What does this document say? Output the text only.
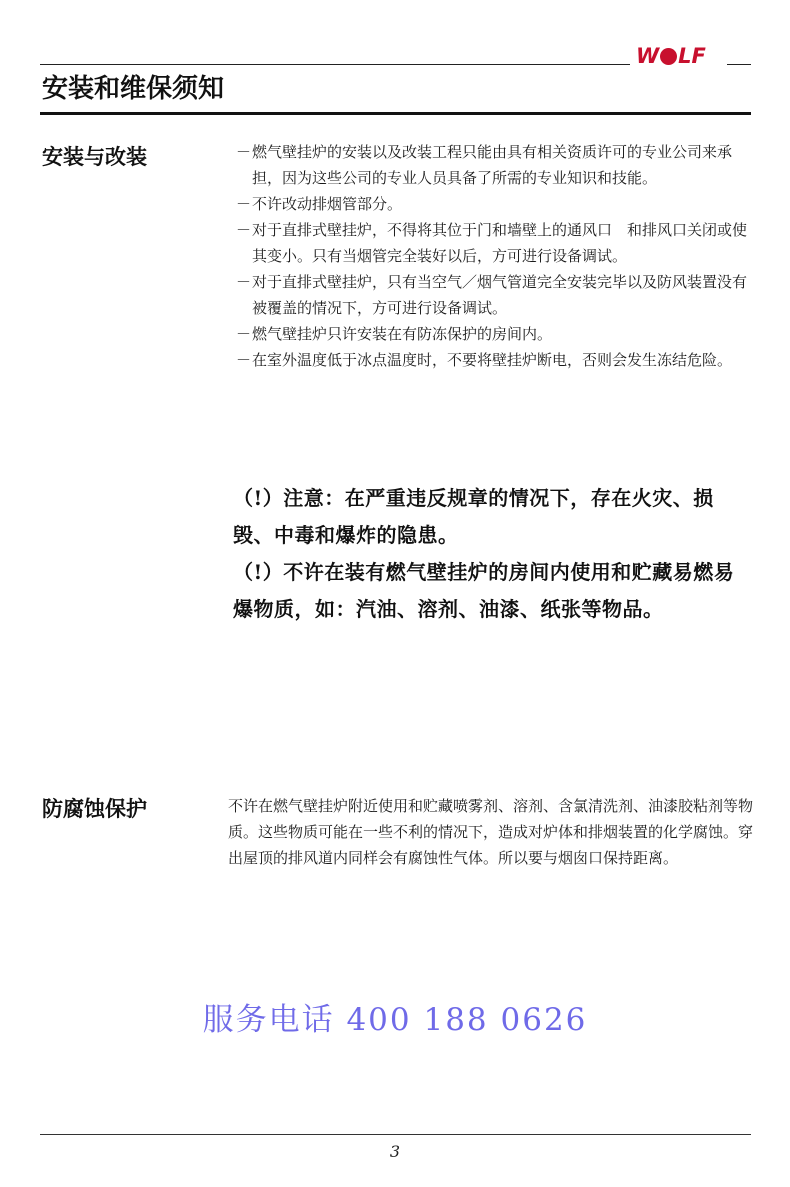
W LF
安装和维保须知
安装与改装	－燃气壁挂炉的安装以及改装工程只能由具有相关资质许可的专业公司来承担，因为这些公司的专业人员具备了所需的专业知识和技能。
－不许改动排烟管部分。
－对于直排式壁挂炉，不得将其位于门和墙壁上的通风口　和排风口关闭或使其变小。只有当烟管完全装好以后，方可进行设备调试。
－对于直排式壁挂炉，只有当空气／烟气管道完全安装完毕以及防风装置没有被覆盖的情况下，方可进行设备调试。
－燃气壁挂炉只许安装在有防冻保护的房间内。
－在室外温度低于冰点温度时，不要将壁挂炉断电，否则会发生冻结危险。

（!）注意：在严重违反规章的情况下，存在火灾、损毁、中毒和爆炸的隐患。

（!）不许在装有燃气壁挂炉的房间内使用和贮藏易燃易爆物质，如：汽油、溶剂、油漆、纸张等物品。

防腐蚀保护	不许在燃气壁挂炉附近使用和贮藏喷雾剂、溶剂、含氯清洗剂、油漆胶粘剂等物质。这些物质可能在一些不利的情况下，造成对炉体和排烟装置的化学腐蚀。穿出屋顶的排风道内同样会有腐蚀性气体。所以要与烟囱口保持距离。

服务电话 400 188 0626

3
